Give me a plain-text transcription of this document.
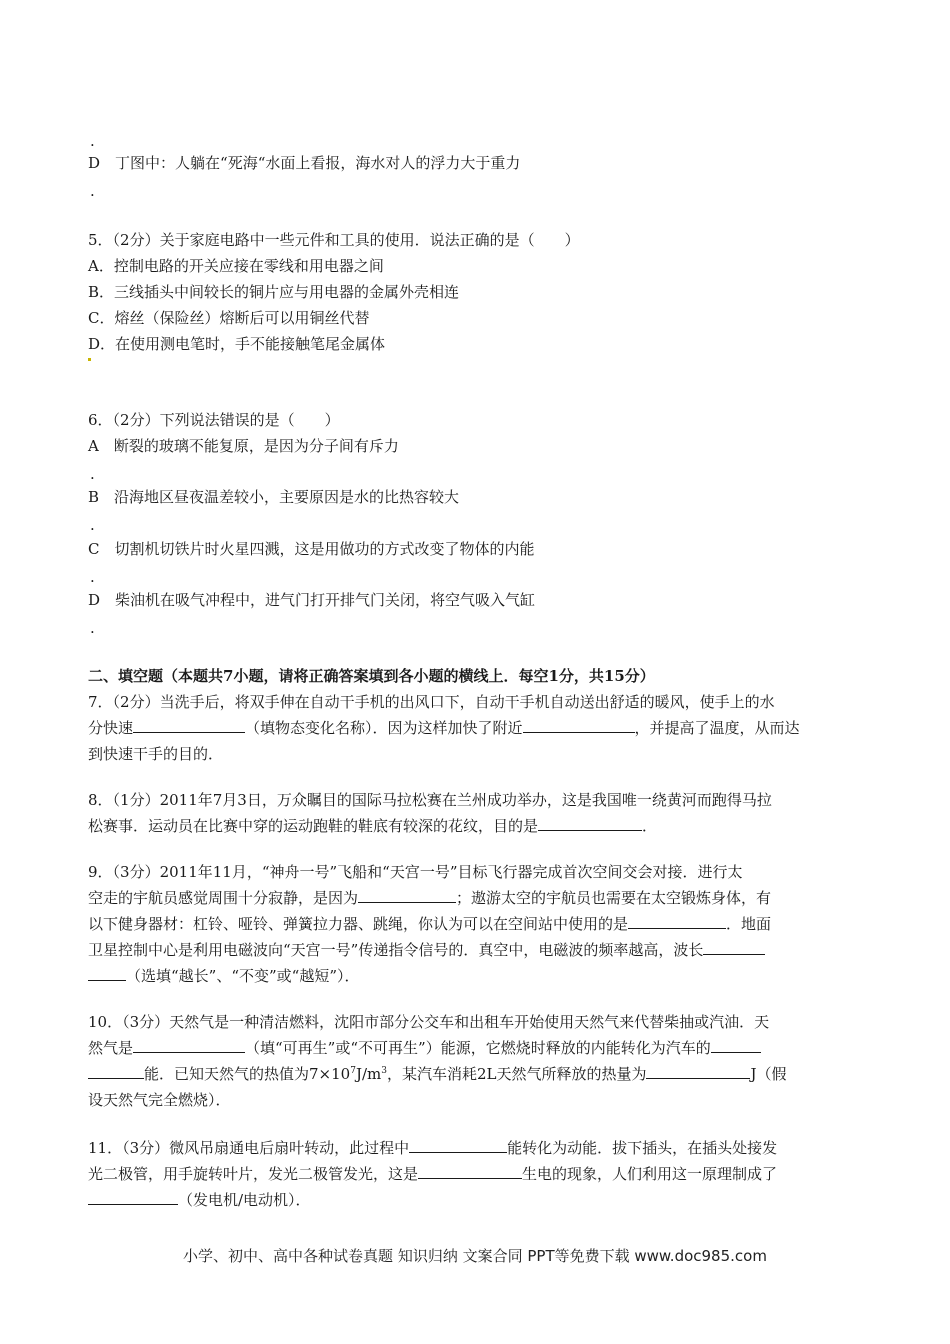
.
D　丁图中：人躺在“死海“水面上看报，海水对人的浮力大于重力
.
5．（2分）关于家庭电路中一些元件和工具的使用．说法正确的是（　　）
A．控制电路的开关应接在零线和用电器之间
B．三线插头中间较长的铜片应与用电器的金属外壳相连
C．熔丝（保险丝）熔断后可以用铜丝代替
D．在使用测电笔时，手不能接触笔尾金属体
6．（2分）下列说法错误的是（　　）
A　断裂的玻璃不能复原，是因为分子间有斥力
.
B　沿海地区昼夜温差较小，主要原因是水的比热容较大
.
C　切割机切铁片时火星四溅，这是用做功的方式改变了物体的内能
.
D　柴油机在吸气冲程中，进气门打开排气门关闭，将空气吸入气缸
.
二、填空题（本题共7小题，请将正确答案填到各小题的横线上．每空1分，共15分）
7．（2分）当洗手后，将双手伸在自动干手机的出风口下，自动干手机自动送出舒适的暖风，使手上的水
分快速	（填物态变化名称）．因为这样加快了附近	，并提高了温度，从而达
到快速干手的目的．
8．（1分）2011年7月3日，万众瞩目的国际马拉松赛在兰州成功举办，这是我国唯一绕黄河而跑得马拉
松赛事．运动员在比赛中穿的运动跑鞋的鞋底有较深的花纹，目的是	．
9．（3分）2011年11月，“神舟一号”飞船和“天宫一号”目标飞行器完成首次空间交会对接．进行太
空走的宇航员感觉周围十分寂静，是因为	；遨游太空的宇航员也需要在太空锻炼身体，有
以下健身器材：杠铃、哑铃、弹簧拉力器、跳绳，你认为可以在空间站中使用的是	．地面
卫星控制中心是利用电磁波向“天宫一号”传递指令信号的．真空中，电磁波的频率越高，波长
（选填“越长”、“不变”或“越短”）．
10．（3分）天然气是一种清洁燃料，沈阳市部分公交车和出租车开始使用天然气来代替柴抽或汽油．天
然气是	（填“可再生”或“不可再生”）能源，它燃烧时释放的内能转化为汽车的
能．已知天然气的热值为$7\times 10^7J/m^3$，某汽车消耗2L天然气所释放的热量为	J（假
设天然气完全燃烧）．
11．（3分）微风吊扇通电后扇叶转动，此过程中	能转化为动能．拔下插头，在插头处接发
光二极管，用手旋转叶片，发光二极管发光，这是	生电的现象，人们利用这一原理制成了
（发电机/电动机）．
小学、初中、高中各种试卷真题 知识归纳 文案合同 PPT等免费下载 www.doc985.com
